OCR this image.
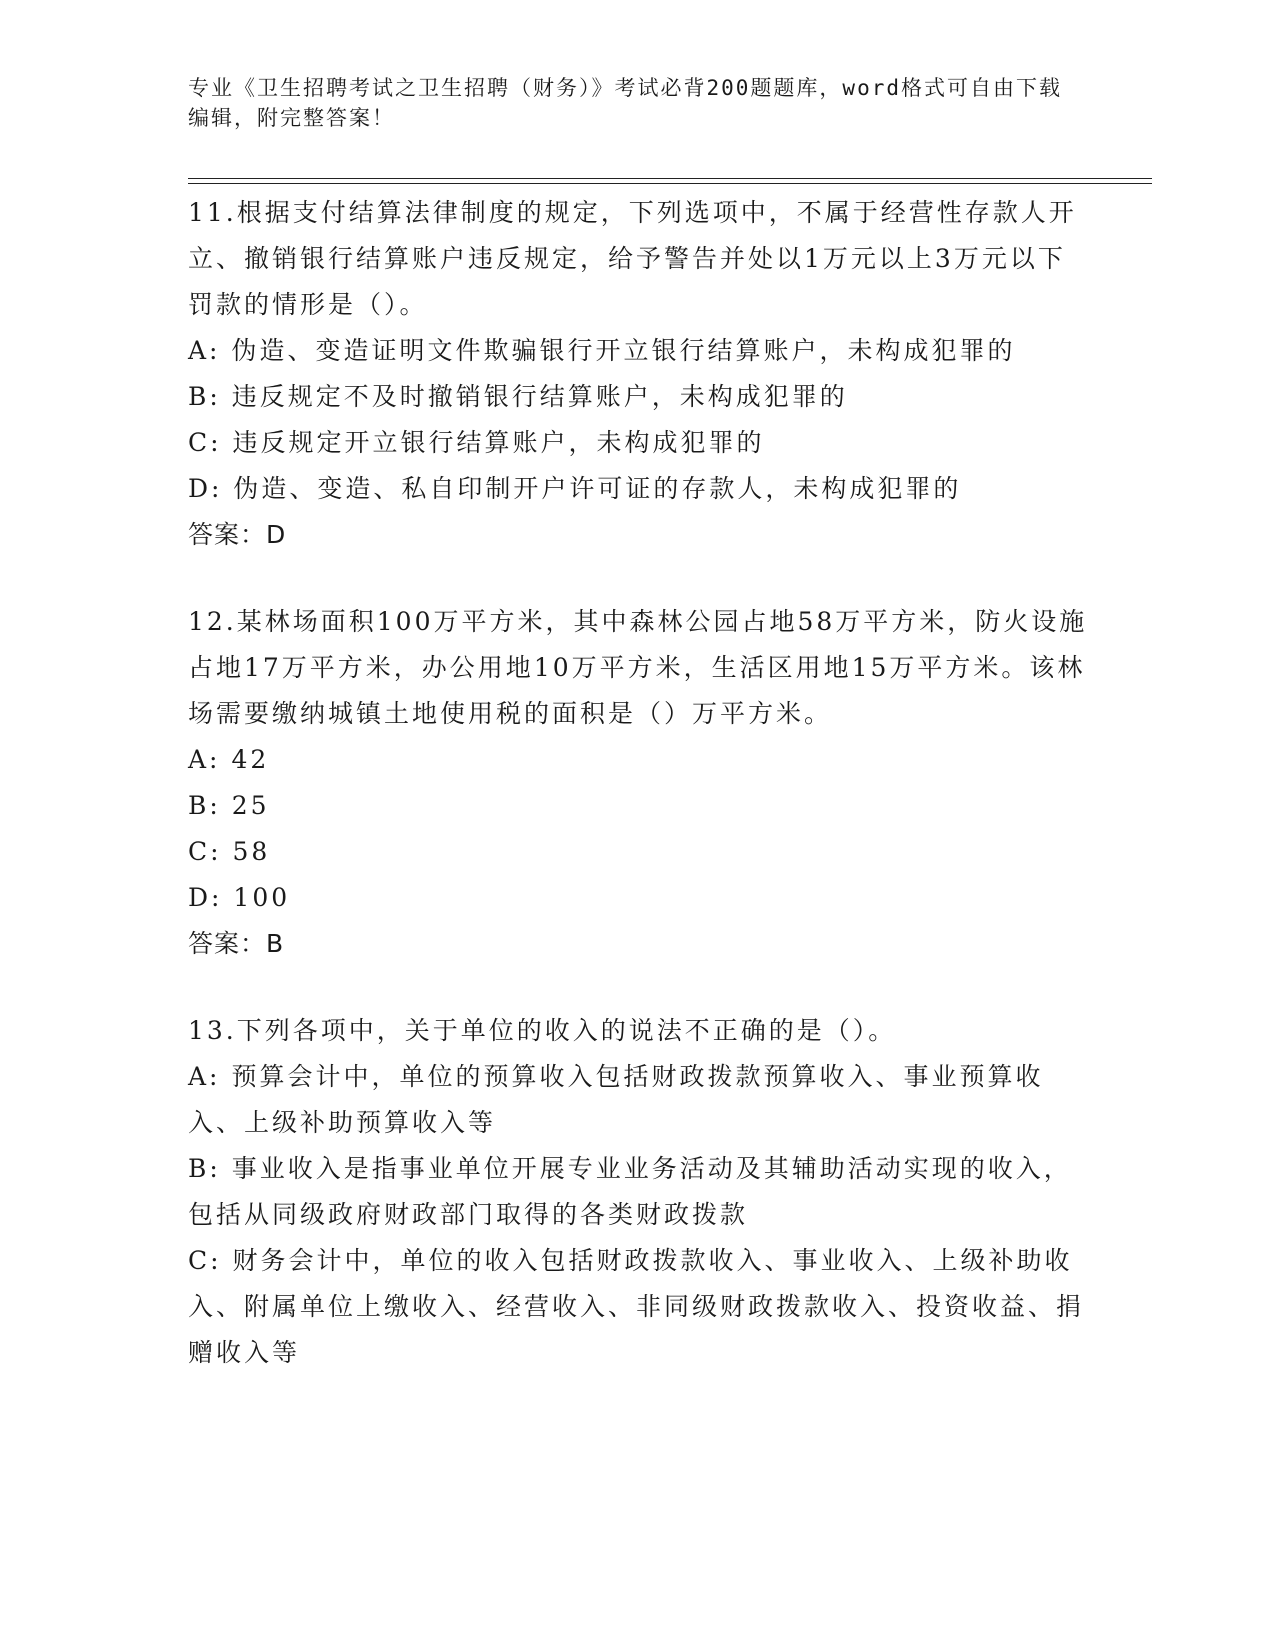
专业《卫生招聘考试之卫生招聘（财务）》考试必背200题题库，word格式可自由下载编辑，附完整答案！

11.根据支付结算法律制度的规定，下列选项中，不属于经营性存款人开立、撤销银行结算账户违反规定，给予警告并处以1万元以上3万元以下罚款的情形是（）。

A: 伪造、变造证明文件欺骗银行开立银行结算账户，未构成犯罪的
B: 违反规定不及时撤销银行结算账户，未构成犯罪的
C: 违反规定开立银行结算账户，未构成犯罪的
D: 伪造、变造、私自印制开户许可证的存款人，未构成犯罪的

答案：D

12.某林场面积100万平方米，其中森林公园占地58万平方米，防火设施占地17万平方米，办公用地10万平方米，生活区用地15万平方米。该林场需要缴纳城镇土地使用税的面积是（）万平方米。

A: 42
B: 25
C: 58
D: 100

答案：B

13.下列各项中，关于单位的收入的说法不正确的是（）。

A: 预算会计中，单位的预算收入包括财政拨款预算收入、事业预算收入、上级补助预算收入等
B: 事业收入是指事业单位开展专业业务活动及其辅助活动实现的收入，包括从同级政府财政部门取得的各类财政拨款
C: 财务会计中，单位的收入包括财政拨款收入、事业收入、上级补助收入、附属单位上缴收入、经营收入、非同级财政拨款收入、投资收益、捐赠收入等
